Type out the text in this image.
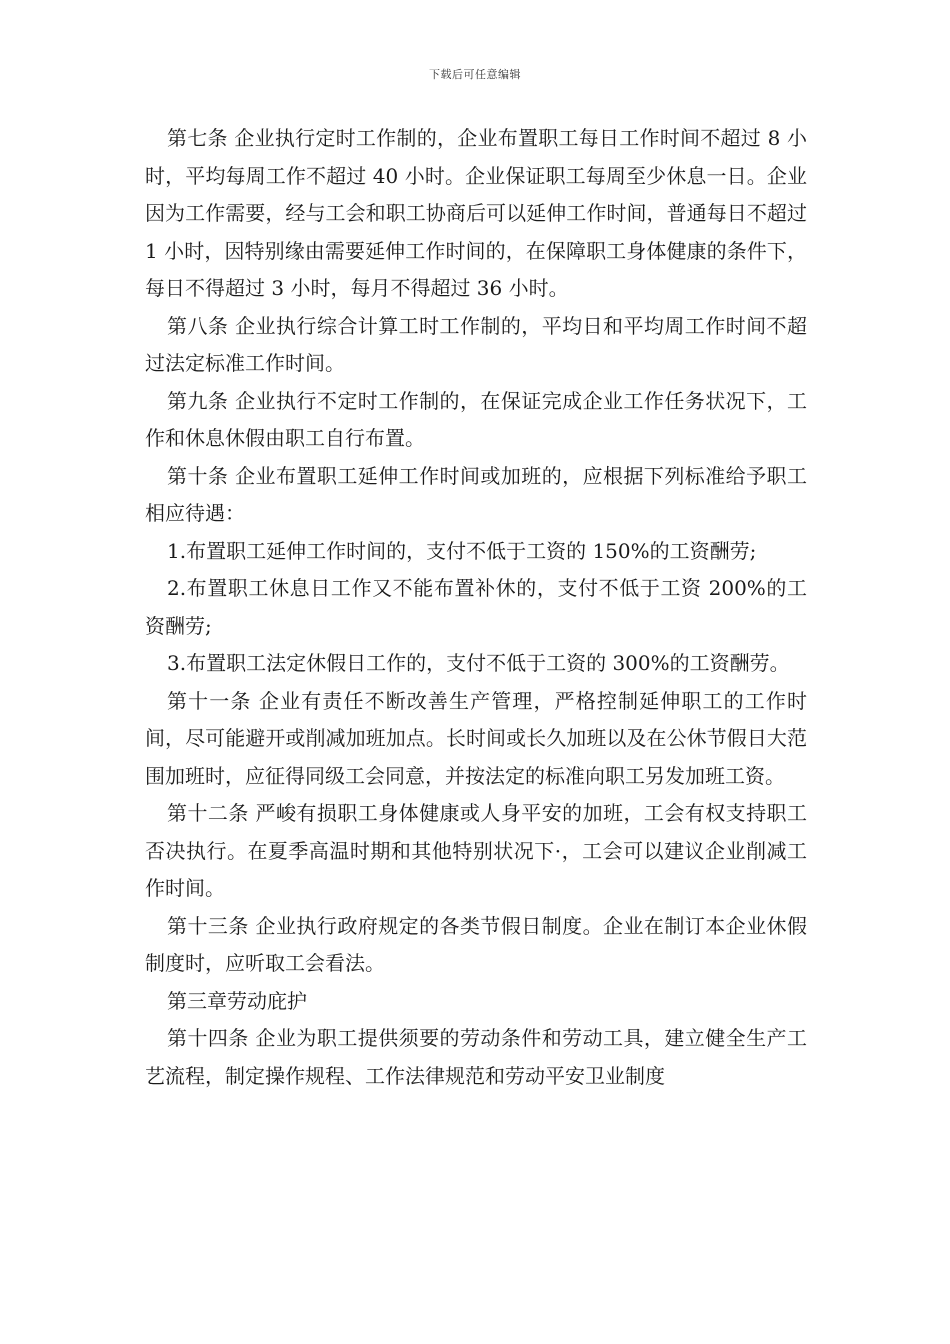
下载后可任意编辑

第七条 企业执行定时工作制的，企业布置职工每日工作时间不超过 8 小时，平均每周工作不超过 40 小时。企业保证职工每周至少休息一日。企业因为工作需要，经与工会和职工协商后可以延伸工作时间，普通每日不超过 1 小时，因特别缘由需要延伸工作时间的，在保障职工身体健康的条件下，每日不得超过 3 小时，每月不得超过 36 小时。

第八条 企业执行综合计算工时工作制的，平均日和平均周工作时间不超过法定标准工作时间。

第九条 企业执行不定时工作制的，在保证完成企业工作任务状况下，工作和休息休假由职工自行布置。

第十条 企业布置职工延伸工作时间或加班的，应根据下列标准给予职工相应待遇：

1.布置职工延伸工作时间的，支付不低于工资的 150%的工资酬劳;

2.布置职工休息日工作又不能布置补休的，支付不低于工资 200%的工资酬劳;

3.布置职工法定休假日工作的，支付不低于工资的 300%的工资酬劳。

第十一条 企业有责任不断改善生产管理，严格控制延伸职工的工作时间，尽可能避开或削减加班加点。长时间或长久加班以及在公休节假日大范围加班时，应征得同级工会同意，并按法定的标准向职工另发加班工资。

第十二条 严峻有损职工身体健康或人身平安的加班，工会有权支持职工否决执行。在夏季高温时期和其他特别状况下·，工会可以建议企业削减工作时间。

第十三条 企业执行政府规定的各类节假日制度。企业在制订本企业休假制度时，应听取工会看法。

第三章劳动庇护

第十四条 企业为职工提供须要的劳动条件和劳动工具，建立健全生产工艺流程，制定操作规程、工作法律规范和劳动平安卫业制度
